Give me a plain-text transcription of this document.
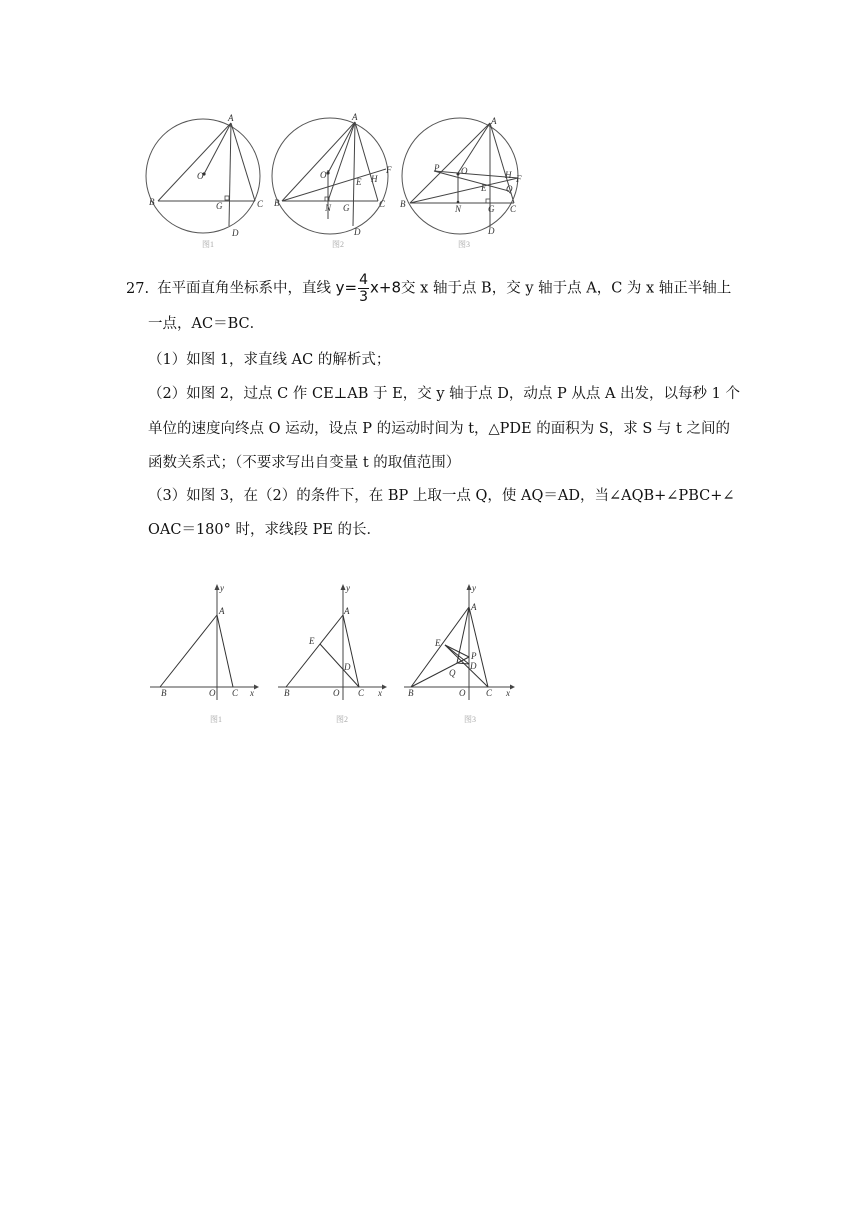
A
O
B	G	C
D
图1
A
O
E H
F
B	N G	C
D
图2
A
P O	H F
E Q
B	N	G C
D
图3
27. 在平面直角坐标系中，直线 $y= \frac{4}{3} x+8$交 x 轴于点 B，交 y 轴于点 A，C 为 x 轴正半轴上
一点，AC＝BC．
（1）如图 1，求直线 AC 的解析式；
（2）如图 2，过点 C 作 CE⊥AB 于 E，交 y 轴于点 D，动点 P 从点 A 出发，以每秒 1 个
单位的速度向终点 O 运动，设点 P 的运动时间为 t，△PDE 的面积为 S，求 S 与 t 之间的
函数关系式；（不要求写出自变量 t 的取值范围）
（3）如图 3，在（2）的条件下，在 BP 上取一点 Q，使 AQ＝AD，当∠AQB+∠PBC+∠
OAC＝180° 时，求线段 PE 的长．
y
A
B	O C x
图1
y
A
E
D
B	O C x
图2
y
A
E
P
D
Q
B	O C x
图3
